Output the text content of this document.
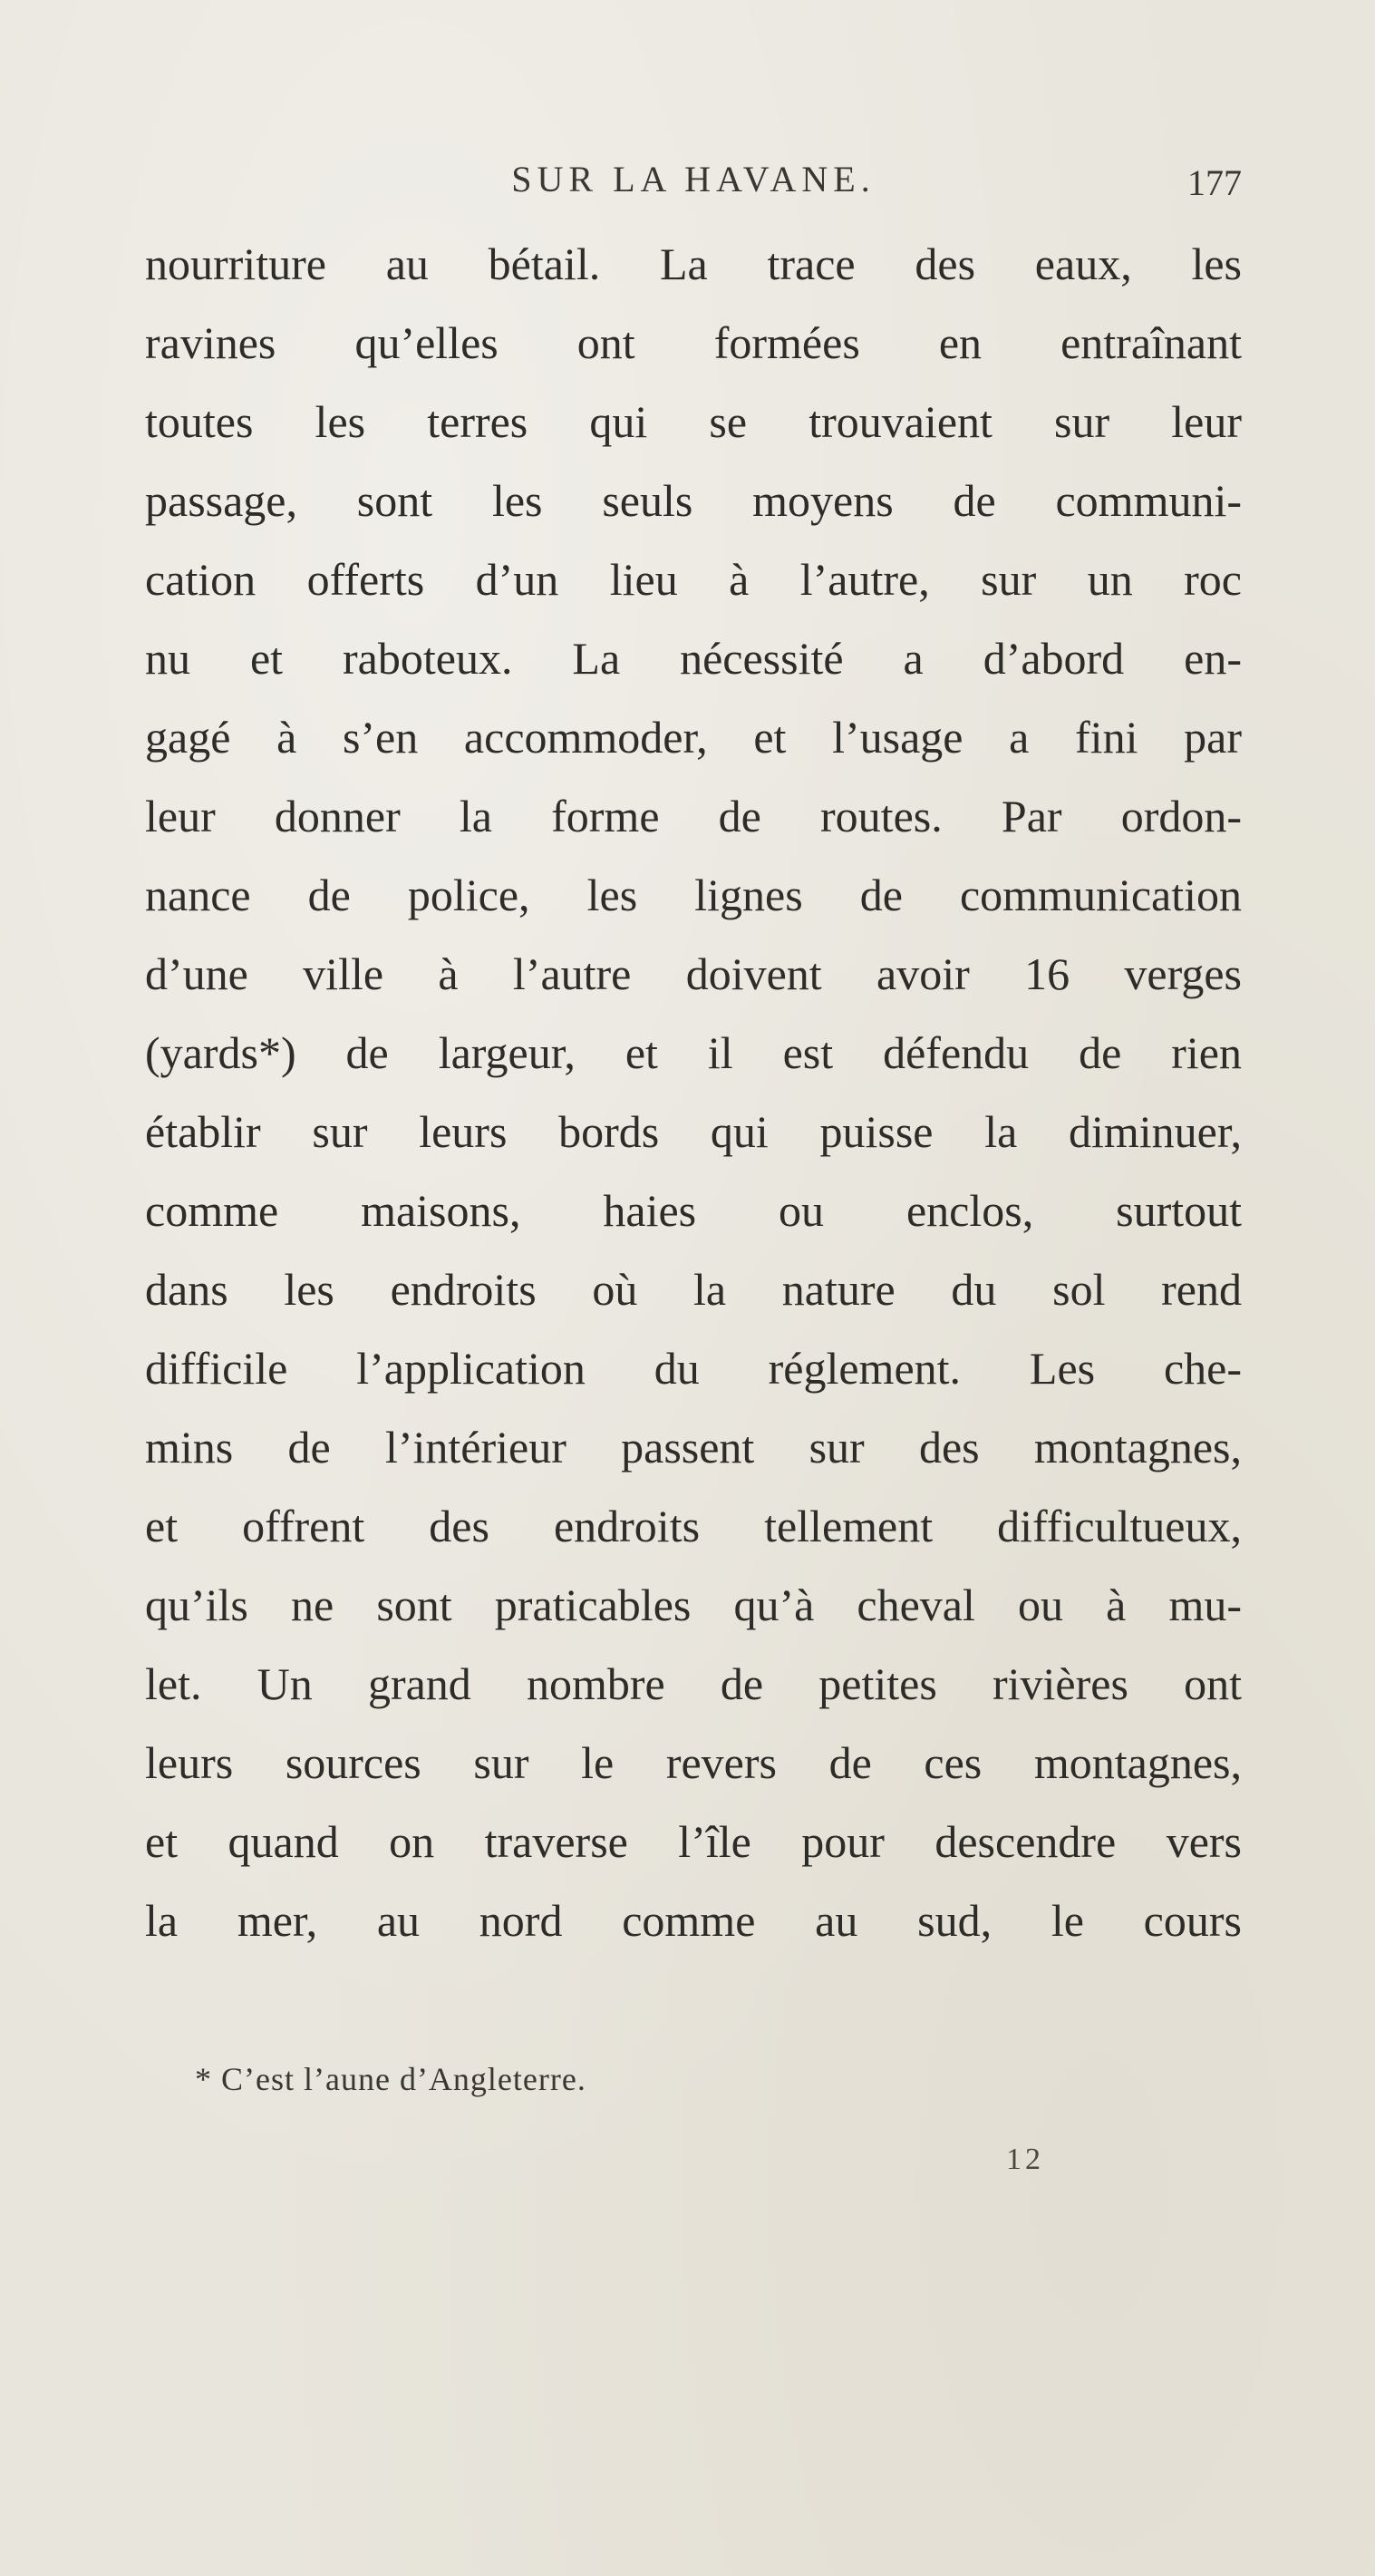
SUR LA HAVANE.	177
nourriture au bétail. La trace des eaux, les
ravines qu’elles ont formées en entraînant
toutes les terres qui se trouvaient sur leur
passage, sont les seuls moyens de communi-
cation offerts d’un lieu à l’autre, sur un roc
nu et raboteux. La nécessité a d’abord en-
gagé à s’en accommoder, et l’usage a fini par
leur donner la forme de routes. Par ordon-
nance de police, les lignes de communication
d’une ville à l’autre doivent avoir 16 verges
(yards*) de largeur, et il est défendu de rien
établir sur leurs bords qui puisse la diminuer,
comme maisons, haies ou enclos, surtout
dans les endroits où la nature du sol rend
difficile l’application du réglement. Les che-
mins de l’intérieur passent sur des montagnes,
et offrent des endroits tellement difficultueux,
qu’ils ne sont praticables qu’à cheval ou à mu-
let. Un grand nombre de petites rivières ont
leurs sources sur le revers de ces montagnes,
et quand on traverse l’île pour descendre vers
la mer, au nord comme au sud, le cours
* C’est l’aune d’Angleterre.
12
